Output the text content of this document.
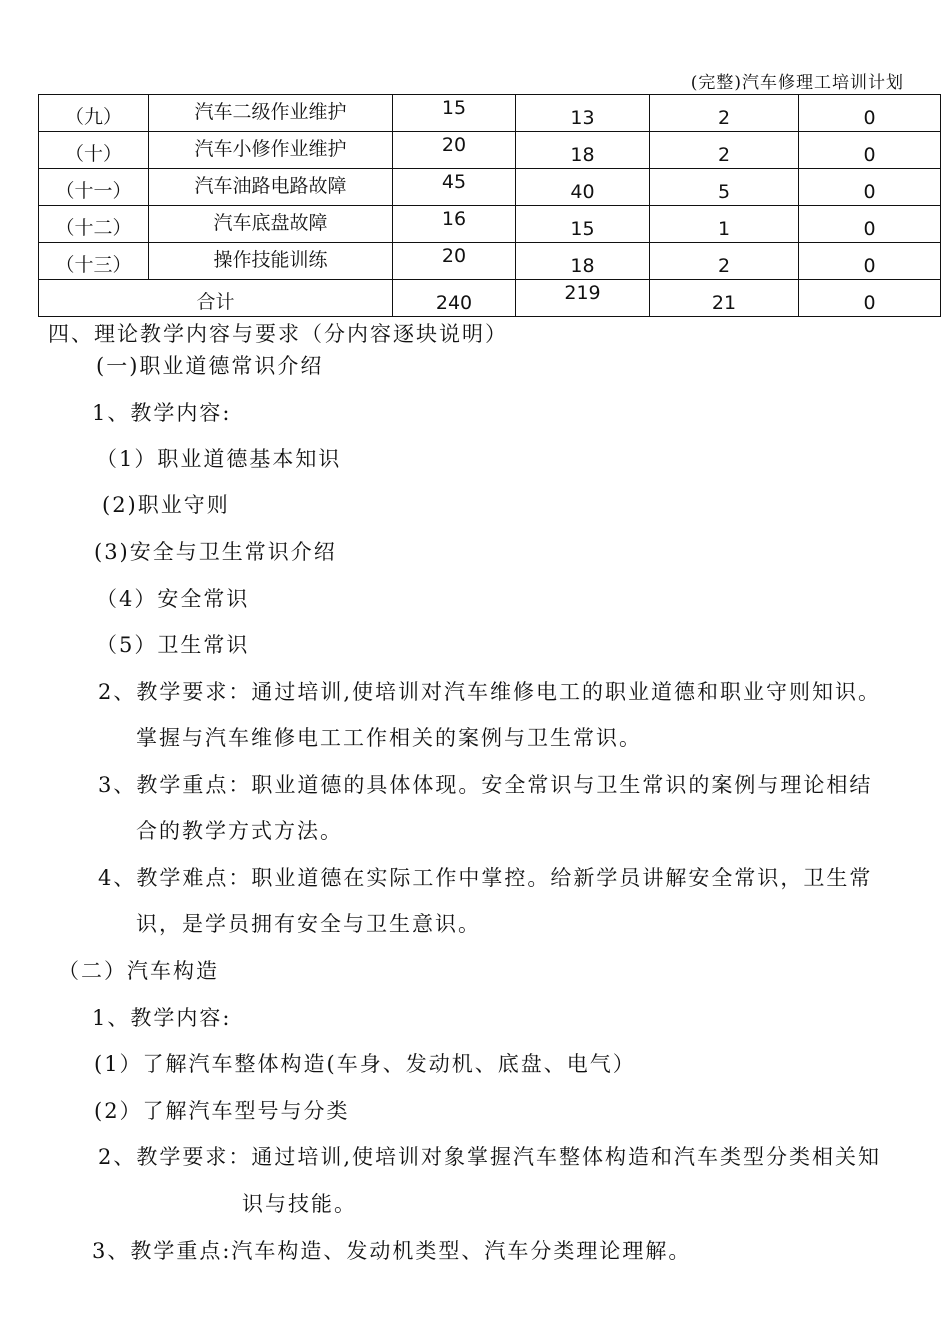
(完整)汽车修理工培训计划
（九）	汽车二级作业维护	15	13	2	0
（十）	汽车小修作业维护	20	18	2	0
（十一）	汽车油路电路故障	45	40	5	0
（十二）	汽车底盘故障	16	15	1	0
（十三）	操作技能训练	20	18	2	0
合计		240	219	21	0
四、理论教学内容与要求（分内容逐块说明）
(一)职业道德常识介绍
1、教学内容:
（1）职业道德基本知识
(2)职业守则
(3)安全与卫生常识介绍
（4）安全常识
（5）卫生常识
2、教学要求：通过培训,使培训对汽车维修电工的职业道德和职业守则知识。
掌握与汽车维修电工工作相关的案例与卫生常识。
3、教学重点：职业道德的具体体现。安全常识与卫生常识的案例与理论相结
合的教学方式方法。
4、教学难点：职业道德在实际工作中掌控。给新学员讲解安全常识，卫生常
识，是学员拥有安全与卫生意识。
（二）汽车构造
1、教学内容:
(1）了解汽车整体构造(车身、发动机、底盘、电气）
(2）了解汽车型号与分类
2、教学要求：通过培训,使培训对象掌握汽车整体构造和汽车类型分类相关知
识与技能。
3、教学重点:汽车构造、发动机类型、汽车分类理论理解。
